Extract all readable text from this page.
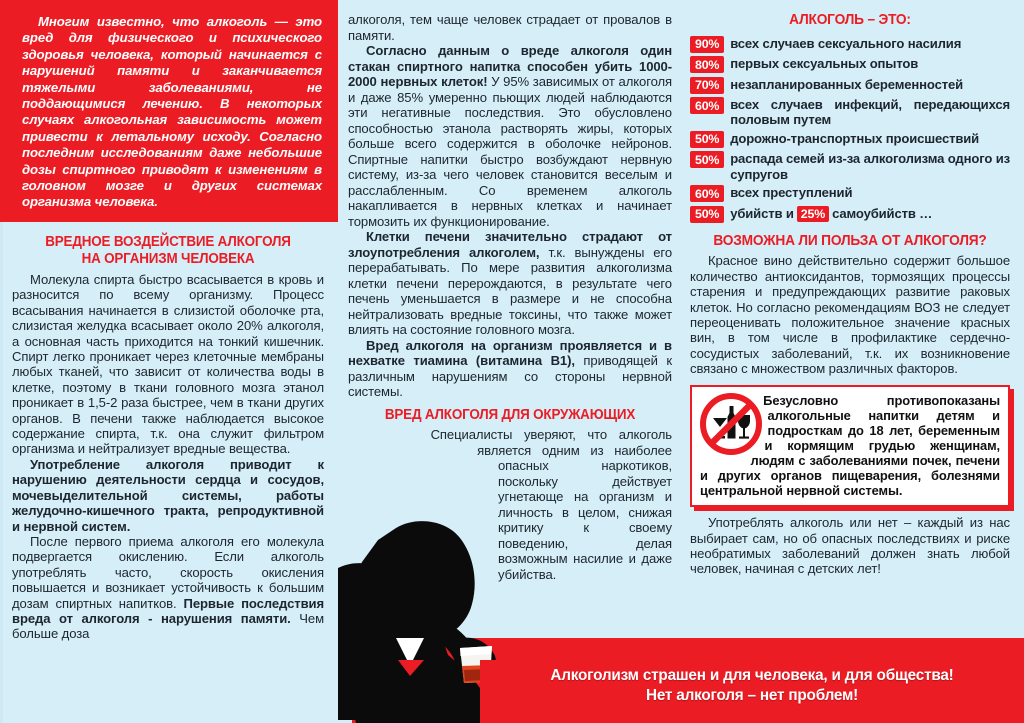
Многим известно, что алкоголь — это вред для физического и психического здоровья человека, который начинается с нарушений памяти и заканчивается тяжелыми заболеваниями, не поддающимися лечению. В некоторых случаях алкогольная зависимость может привести к летальному исходу. Согласно последним исследованиям даже небольшие дозы спиртного приводят к изменениям в головном мозге и других системах организма человека.

ВРЕДНОЕ ВОЗДЕЙСТВИЕ АЛКОГОЛЯ
НА ОРГАНИЗМ ЧЕЛОВЕКА

Молекула спирта быстро всасывается в кровь и разносится по всему организму. Процесс всасывания начинается в слизистой оболочке рта, слизистая желудка всасывает около 20% алкоголя, а основная часть приходится на тонкий кишечник. Спирт легко проникает через клеточные мембраны любых тканей, что зависит от количества воды в клетке, поэтому в ткани головного мозга этанол проникает в 1,5-2 раза быстрее, чем в ткани других органов. В печени также наблюдается высокое содержание спирта, т.к. она служит фильтром организма и нейтрализует вредные вещества.

Употребление алкоголя приводит к нарушению деятельности сердца и сосудов, мочевыделительной системы, работы желудочно-кишечного тракта, репродуктивной и нервной систем.

После первого приема алкоголя его молекула подвергается окислению. Если алкоголь употреблять часто, скорость окисления повышается и возникает устойчивость к большим дозам спиртных напитков. Первые последствия вреда от алкоголя - нарушения памяти. Чем больше доза

алкоголя, тем чаще человек страдает от провалов в памяти.

Согласно данным о вреде алкоголя один стакан спиртного напитка способен убить 1000-2000 нервных клеток! У 95% зависимых от алкоголя и даже 85% умеренно пьющих людей наблюдаются эти негативные последствия. Это обусловлено способностью этанола растворять жиры, которых больше всего содержится в оболочке нейронов. Спиртные напитки быстро возбуждают нервную систему, из-за чего человек становится веселым и расслабленным. Со временем алкоголь накапливается в нервных клетках и начинает тормозить их функционирование.

Клетки печени значительно страдают от злоупотребления алкоголем, т.к. вынуждены его перерабатывать. По мере развития алкоголизма клетки печени перерождаются, в результате чего печень уменьшается в размере и не способна нейтрализовать вредные токсины, что также может влиять на состояние головного мозга.

Вред алкоголя на организм проявляется и в нехватке тиамина (витамина В1), приводящей к различным нарушениям со стороны нервной системы.

ВРЕД АЛКОГОЛЯ ДЛЯ ОКРУЖАЮЩИХ

Специалисты уверяют, что алкоголь является одним из наиболее опасных наркотиков, поскольку действует угнетающе на организм и личность в целом, снижая критику к своему поведению, делая возможным насилие и даже убийства.

АЛКОГОЛЬ – ЭТО:
90% всех случаев сексуального насилия
80% первых сексуальных опытов
70% незапланированных беременностей
60% всех случаев инфекций, передающихся половым путем
50% дорожно-транспортных происшествий
50% распада семей из-за алкоголизма одного из супругов
60% всех преступлений
50% убийств и 25% самоубийств …
ВОЗМОЖНА ЛИ ПОЛЬЗА ОТ АЛКОГОЛЯ?

Красное вино действительно содержит большое количество антиоксидантов, тормозящих процессы старения и предупреждающих развитие раковых клеток. Но согласно рекомендациям ВОЗ не следует переоценивать положительное значение красных вин, в том числе в профилактике сердечно-сосудистых заболеваний, т.к. их возникновение связано с множеством различных факторов.

Безусловно противопоказаны алкогольные напитки детям и подросткам до 18 лет, беременным и кормящим грудью женщинам, людям с заболеваниями почек, печени и других органов пищеварения, болезнями центральной нервной системы.

Употреблять алкоголь или нет – каждый из нас выбирает сам, но об опасных последствиях и риске необратимых заболеваний должен знать любой человек, начиная с детских лет!

Алкоголизм страшен и для человека, и для общества!
Нет алкоголя – нет проблем!
